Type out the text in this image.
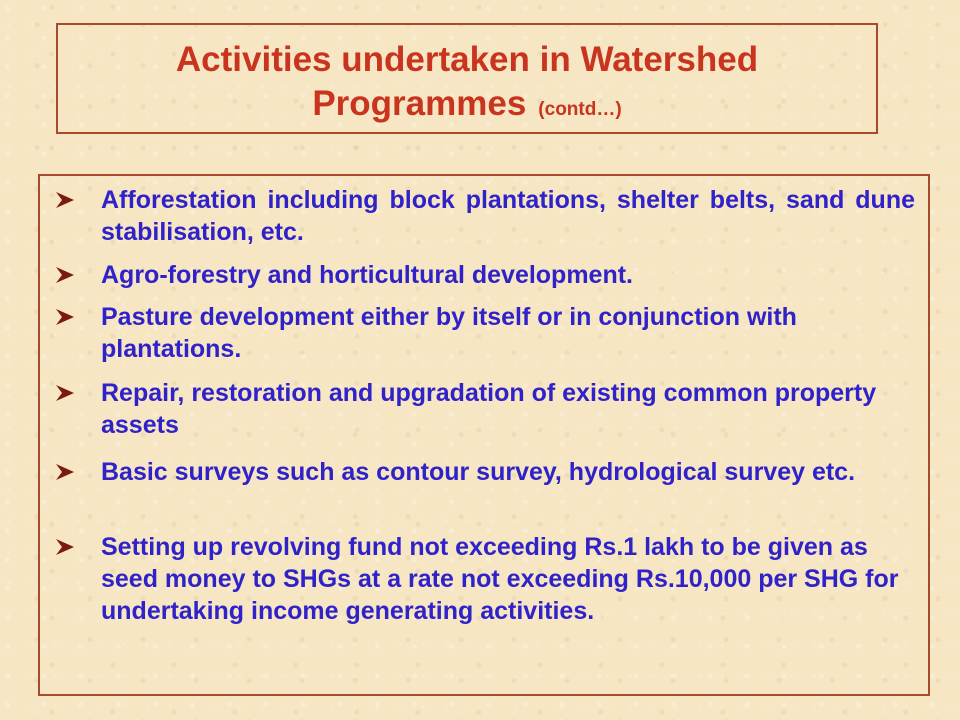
Activities undertaken in Watershed Programmes (contd…)

Afforestation including block plantations, shelter belts, sand dune stabilisation, etc.

Agro-forestry and horticultural development.

Pasture development either by itself or in conjunction with plantations.

Repair, restoration and upgradation of existing common property assets

Basic surveys such as contour survey, hydrological survey etc.

Setting up revolving fund not exceeding Rs.1 lakh to be given as seed money to SHGs at a rate not exceeding Rs.10,000 per SHG for undertaking income generating activities.
